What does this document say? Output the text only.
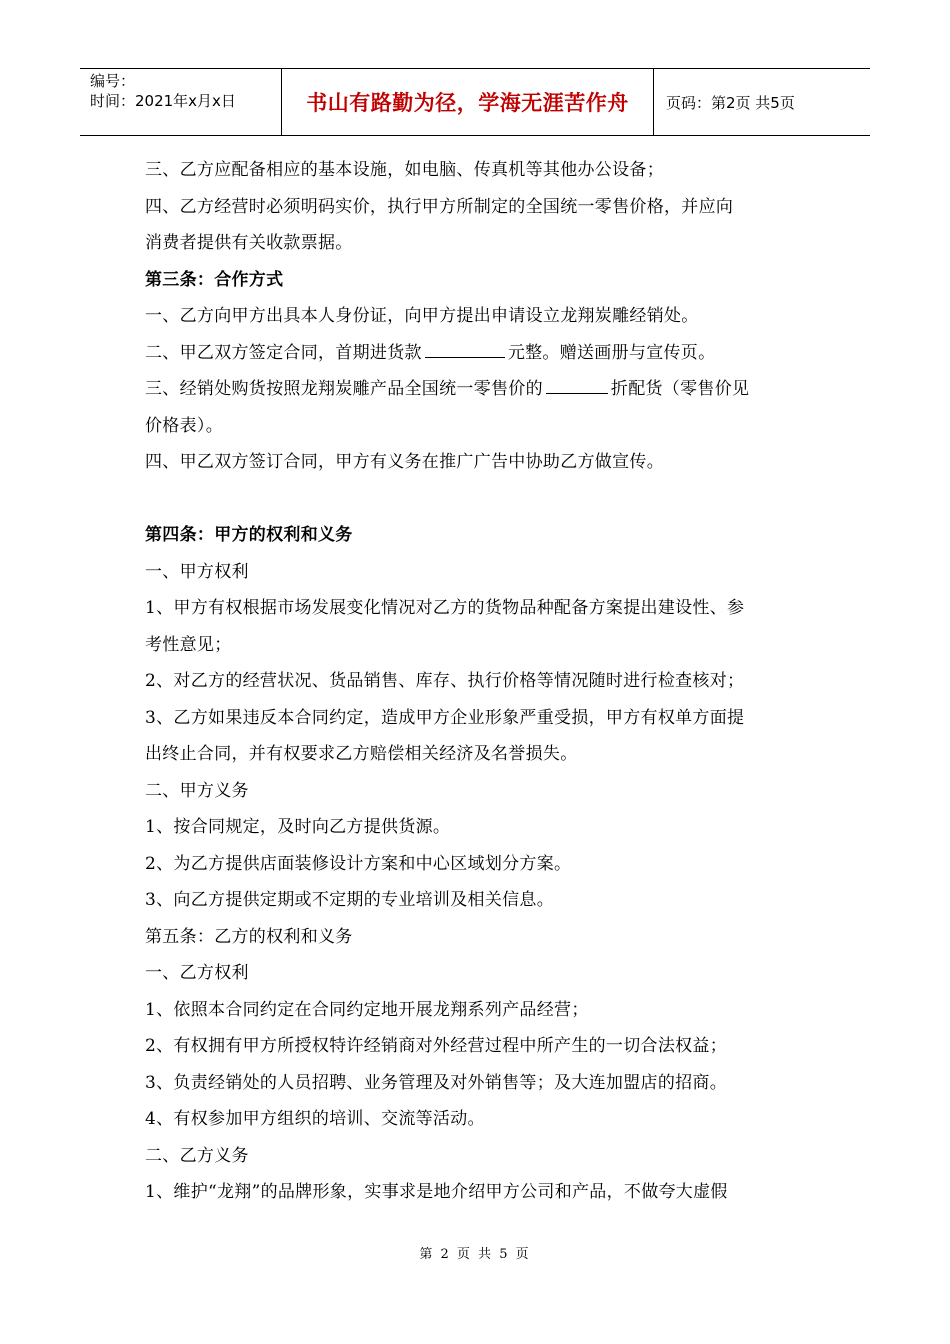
编号：
时间：2021年x月x日	书山有路勤为径，学海无涯苦作舟	页码：第2页 共5页
三、乙方应配备相应的基本设施，如电脑、传真机等其他办公设备；
四、乙方经营时必须明码实价，执行甲方所制定的全国统一零售价格，并应向
消费者提供有关收款票据。
第三条：合作方式
一、乙方向甲方出具本人身份证，向甲方提出申请设立龙翔炭雕经销处。
二、甲乙双方签定合同，首期进货款	元整。赠送画册与宣传页。
三、经销处购货按照龙翔炭雕产品全国统一零售价的	折配货（零售价见
价格表）。
四、甲乙双方签订合同，甲方有义务在推广广告中协助乙方做宣传。
第四条：甲方的权利和义务
一、甲方权利
1、甲方有权根据市场发展变化情况对乙方的货物品种配备方案提出建设性、参
考性意见；
2、对乙方的经营状况、货品销售、库存、执行价格等情况随时进行检查核对；
3、乙方如果违反本合同约定，造成甲方企业形象严重受损，甲方有权单方面提
出终止合同，并有权要求乙方赔偿相关经济及名誉损失。
二、甲方义务
1、按合同规定，及时向乙方提供货源。
2、为乙方提供店面装修设计方案和中心区域划分方案。
3、向乙方提供定期或不定期的专业培训及相关信息。
第五条：乙方的权利和义务
一、乙方权利
1、依照本合同约定在合同约定地开展龙翔系列产品经营；
2、有权拥有甲方所授权特许经销商对外经营过程中所产生的一切合法权益；
3、负责经销处的人员招聘、业务管理及对外销售等；及大连加盟店的招商。
4、有权参加甲方组织的培训、交流等活动。
二、乙方义务
1、维护“龙翔”的品牌形象，实事求是地介绍甲方公司和产品，不做夸大虚假
第 2 页 共 5 页
